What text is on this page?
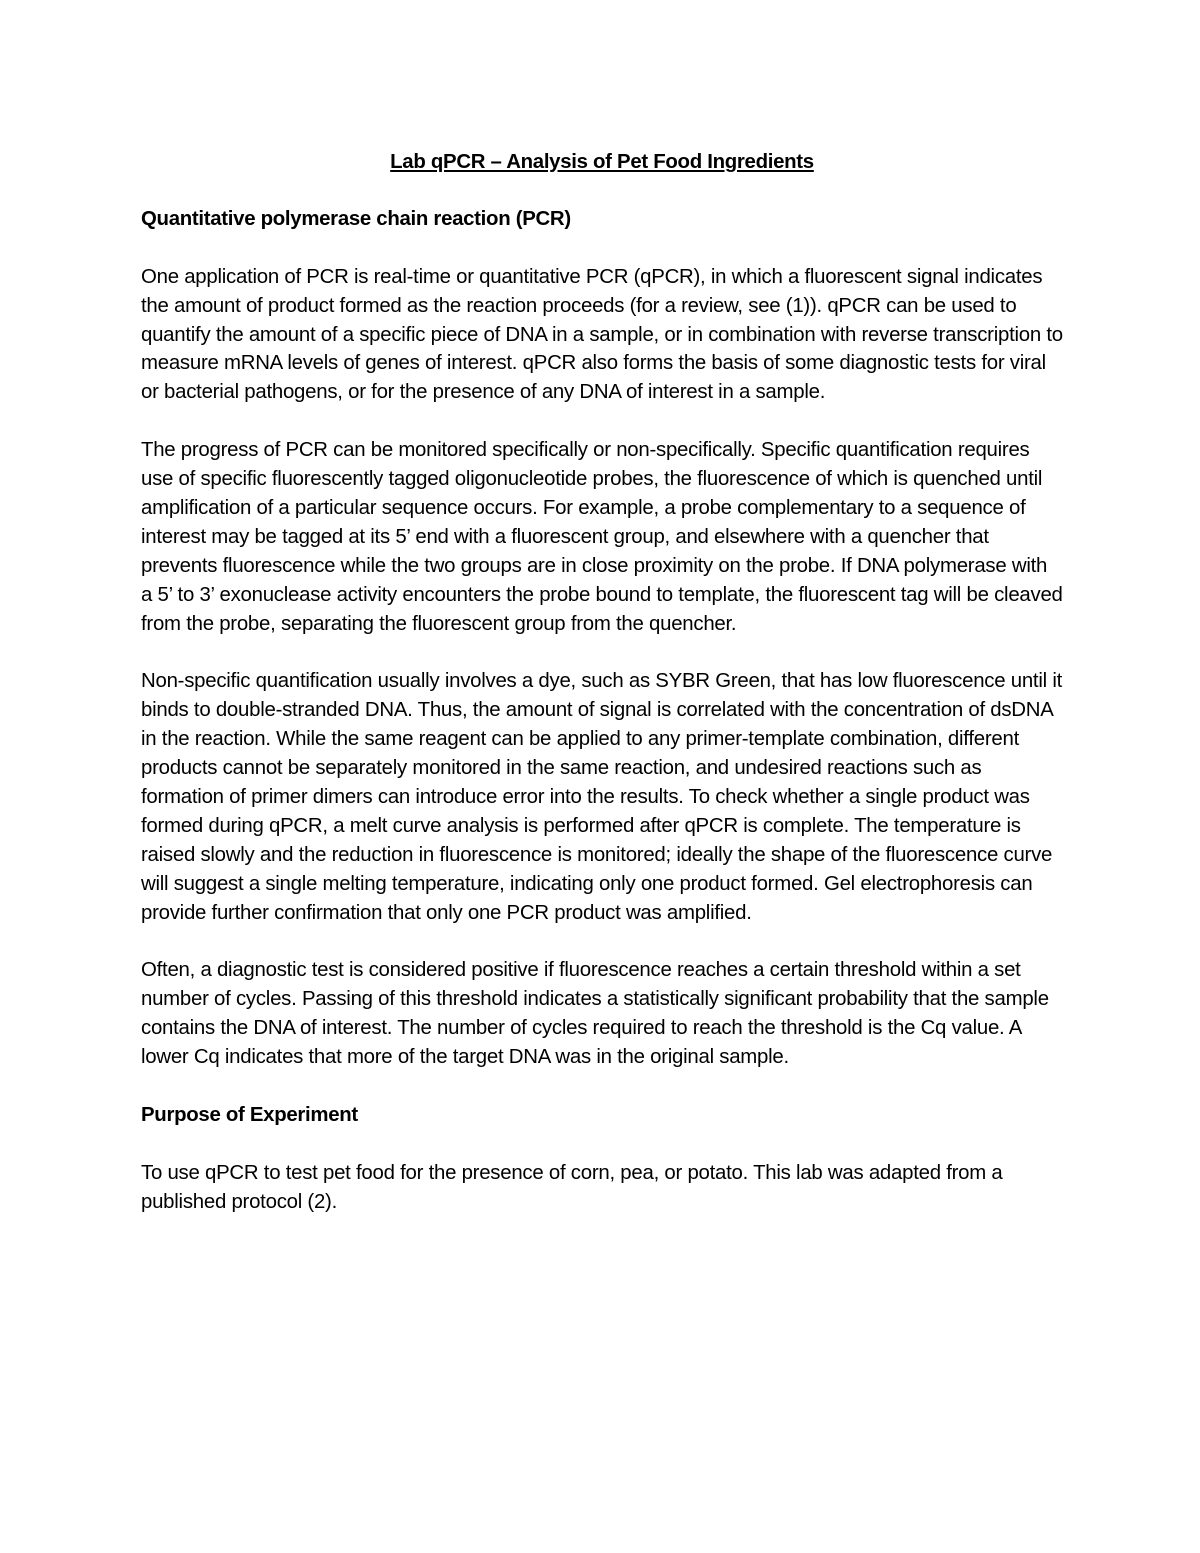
Lab qPCR – Analysis of Pet Food Ingredients

Quantitative polymerase chain reaction (PCR)

One application of PCR is real-time or quantitative PCR (qPCR), in which a fluorescent signal indicates the amount of product formed as the reaction proceeds (for a review, see (1)). qPCR can be used to quantify the amount of a specific piece of DNA in a sample, or in combination with reverse transcription to measure mRNA levels of genes of interest. qPCR also forms the basis of some diagnostic tests for viral or bacterial pathogens, or for the presence of any DNA of interest in a sample.

The progress of PCR can be monitored specifically or non-specifically. Specific quantification requires use of specific fluorescently tagged oligonucleotide probes, the fluorescence of which is quenched until amplification of a particular sequence occurs. For example, a probe complementary to a sequence of interest may be tagged at its 5’ end with a fluorescent group, and elsewhere with a quencher that prevents fluorescence while the two groups are in close proximity on the probe. If DNA polymerase with a 5’ to 3’ exonuclease activity encounters the probe bound to template, the fluorescent tag will be cleaved from the probe, separating the fluorescent group from the quencher.

Non-specific quantification usually involves a dye, such as SYBR Green, that has low fluorescence until it binds to double-stranded DNA. Thus, the amount of signal is correlated with the concentration of dsDNA in the reaction. While the same reagent can be applied to any primer-template combination, different products cannot be separately monitored in the same reaction, and undesired reactions such as formation of primer dimers can introduce error into the results. To check whether a single product was formed during qPCR, a melt curve analysis is performed after qPCR is complete. The temperature is raised slowly and the reduction in fluorescence is monitored; ideally the shape of the fluorescence curve will suggest a single melting temperature, indicating only one product formed. Gel electrophoresis can provide further confirmation that only one PCR product was amplified.

Often, a diagnostic test is considered positive if fluorescence reaches a certain threshold within a set number of cycles. Passing of this threshold indicates a statistically significant probability that the sample contains the DNA of interest. The number of cycles required to reach the threshold is the Cq value. A lower Cq indicates that more of the target DNA was in the original sample.

Purpose of Experiment

To use qPCR to test pet food for the presence of corn, pea, or potato. This lab was adapted from a published protocol (2).
